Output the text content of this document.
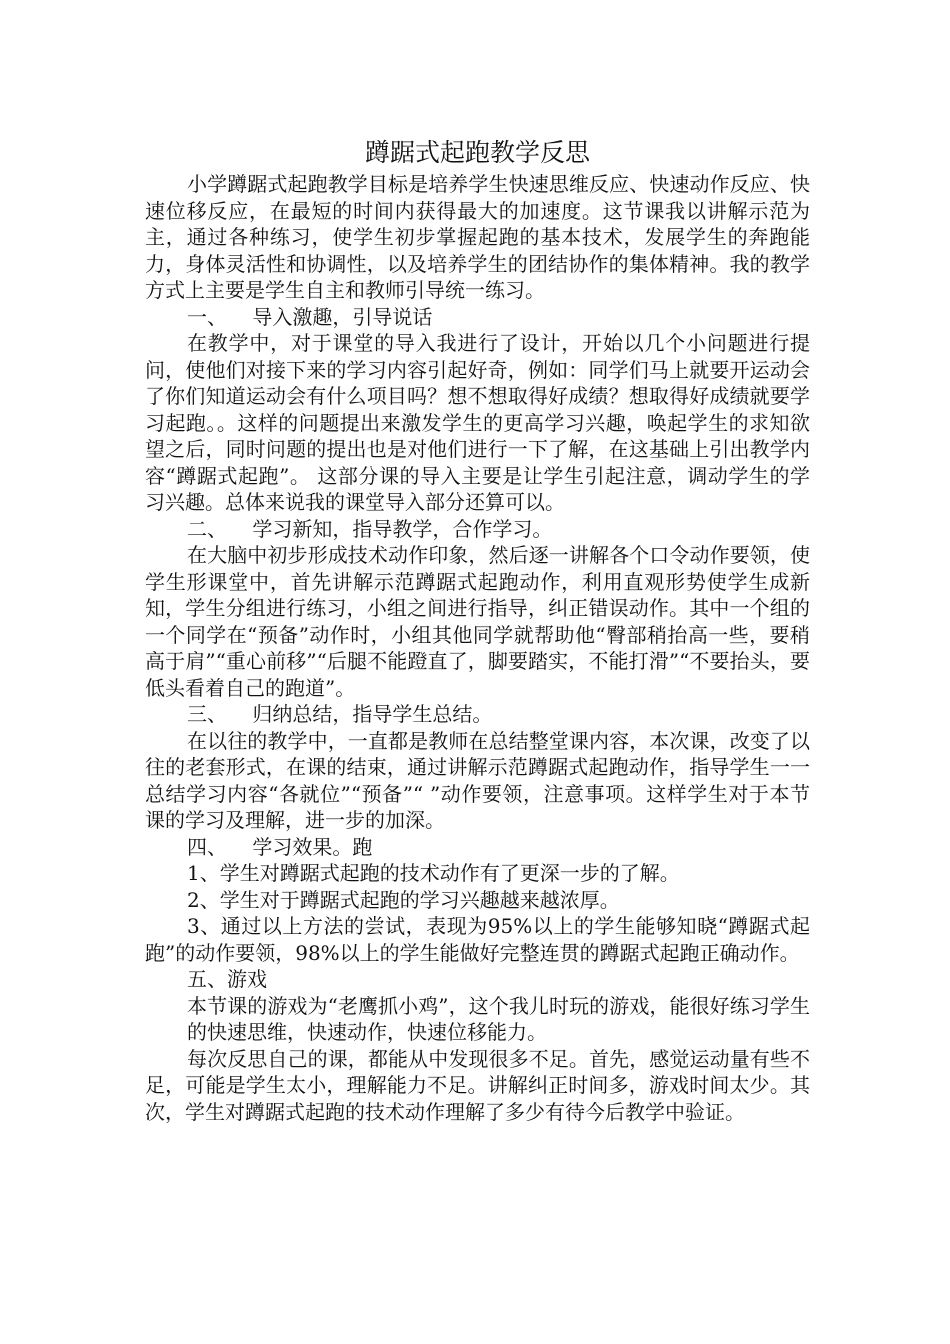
蹲踞式起跑教学反思

小学蹲踞式起跑教学目标是培养学生快速思维反应、快速动作反应、快速位移反应，在最短的时间内获得最大的加速度。这节课我以讲解示范为主，通过各种练习，使学生初步掌握起跑的基本技术，发展学生的奔跑能力，身体灵活性和协调性，以及培养学生的团结协作的集体精神。我的教学方式上主要是学生自主和教师引导统一练习。

一、    导入激趣，引导说话

在教学中，对于课堂的导入我进行了设计，开始以几个小问题进行提问，使他们对接下来的学习内容引起好奇，例如：同学们马上就要开运动会了你们知道运动会有什么项目吗？想不想取得好成绩？想取得好成绩就要学习起跑。。这样的问题提出来激发学生的更高学习兴趣，唤起学生的求知欲望之后，同时问题的提出也是对他们进行一下了解，在这基础上引出教学内容“蹲踞式起跑”。 这部分课的导入主要是让学生引起注意，调动学生的学习兴趣。总体来说我的课堂导入部分还算可以。

二、    学习新知，指导教学，合作学习。

在大脑中初步形成技术动作印象，然后逐一讲解各个口令动作要领，使学生形课堂中，首先讲解示范蹲踞式起跑动作，利用直观形势使学生成新知，学生分组进行练习，小组之间进行指导，纠正错误动作。其中一个组的一个同学在“预备”动作时，小组其他同学就帮助他“臀部稍抬高一些，要稍高于肩”“重心前移”“后腿不能蹬直了，脚要踏实，不能打滑”“不要抬头，要低头看着自己的跑道”。

三、    归纳总结，指导学生总结。

在以往的教学中，一直都是教师在总结整堂课内容，本次课，改变了以往的老套形式，在课的结束，通过讲解示范蹲踞式起跑动作，指导学生一一总结学习内容“各就位”“预备”“ ”动作要领，注意事项。这样学生对于本节课的学习及理解，进一步的加深。

四、    学习效果。跑

1、学生对蹲踞式起跑的技术动作有了更深一步的了解。

2、学生对于蹲踞式起跑的学习兴趣越来越浓厚。

3、通过以上方法的尝试，表现为95%以上的学生能够知晓“蹲踞式起跑”的动作要领，98%以上的学生能做好完整连贯的蹲踞式起跑正确动作。

五、游戏

本节课的游戏为“老鹰抓小鸡”，这个我儿时玩的游戏，能很好练习学生的快速思维，快速动作，快速位移能力。

每次反思自己的课，都能从中发现很多不足。首先，感觉运动量有些不足，可能是学生太小，理解能力不足。讲解纠正时间多，游戏时间太少。其次，学生对蹲踞式起跑的技术动作理解了多少有待今后教学中验证。
